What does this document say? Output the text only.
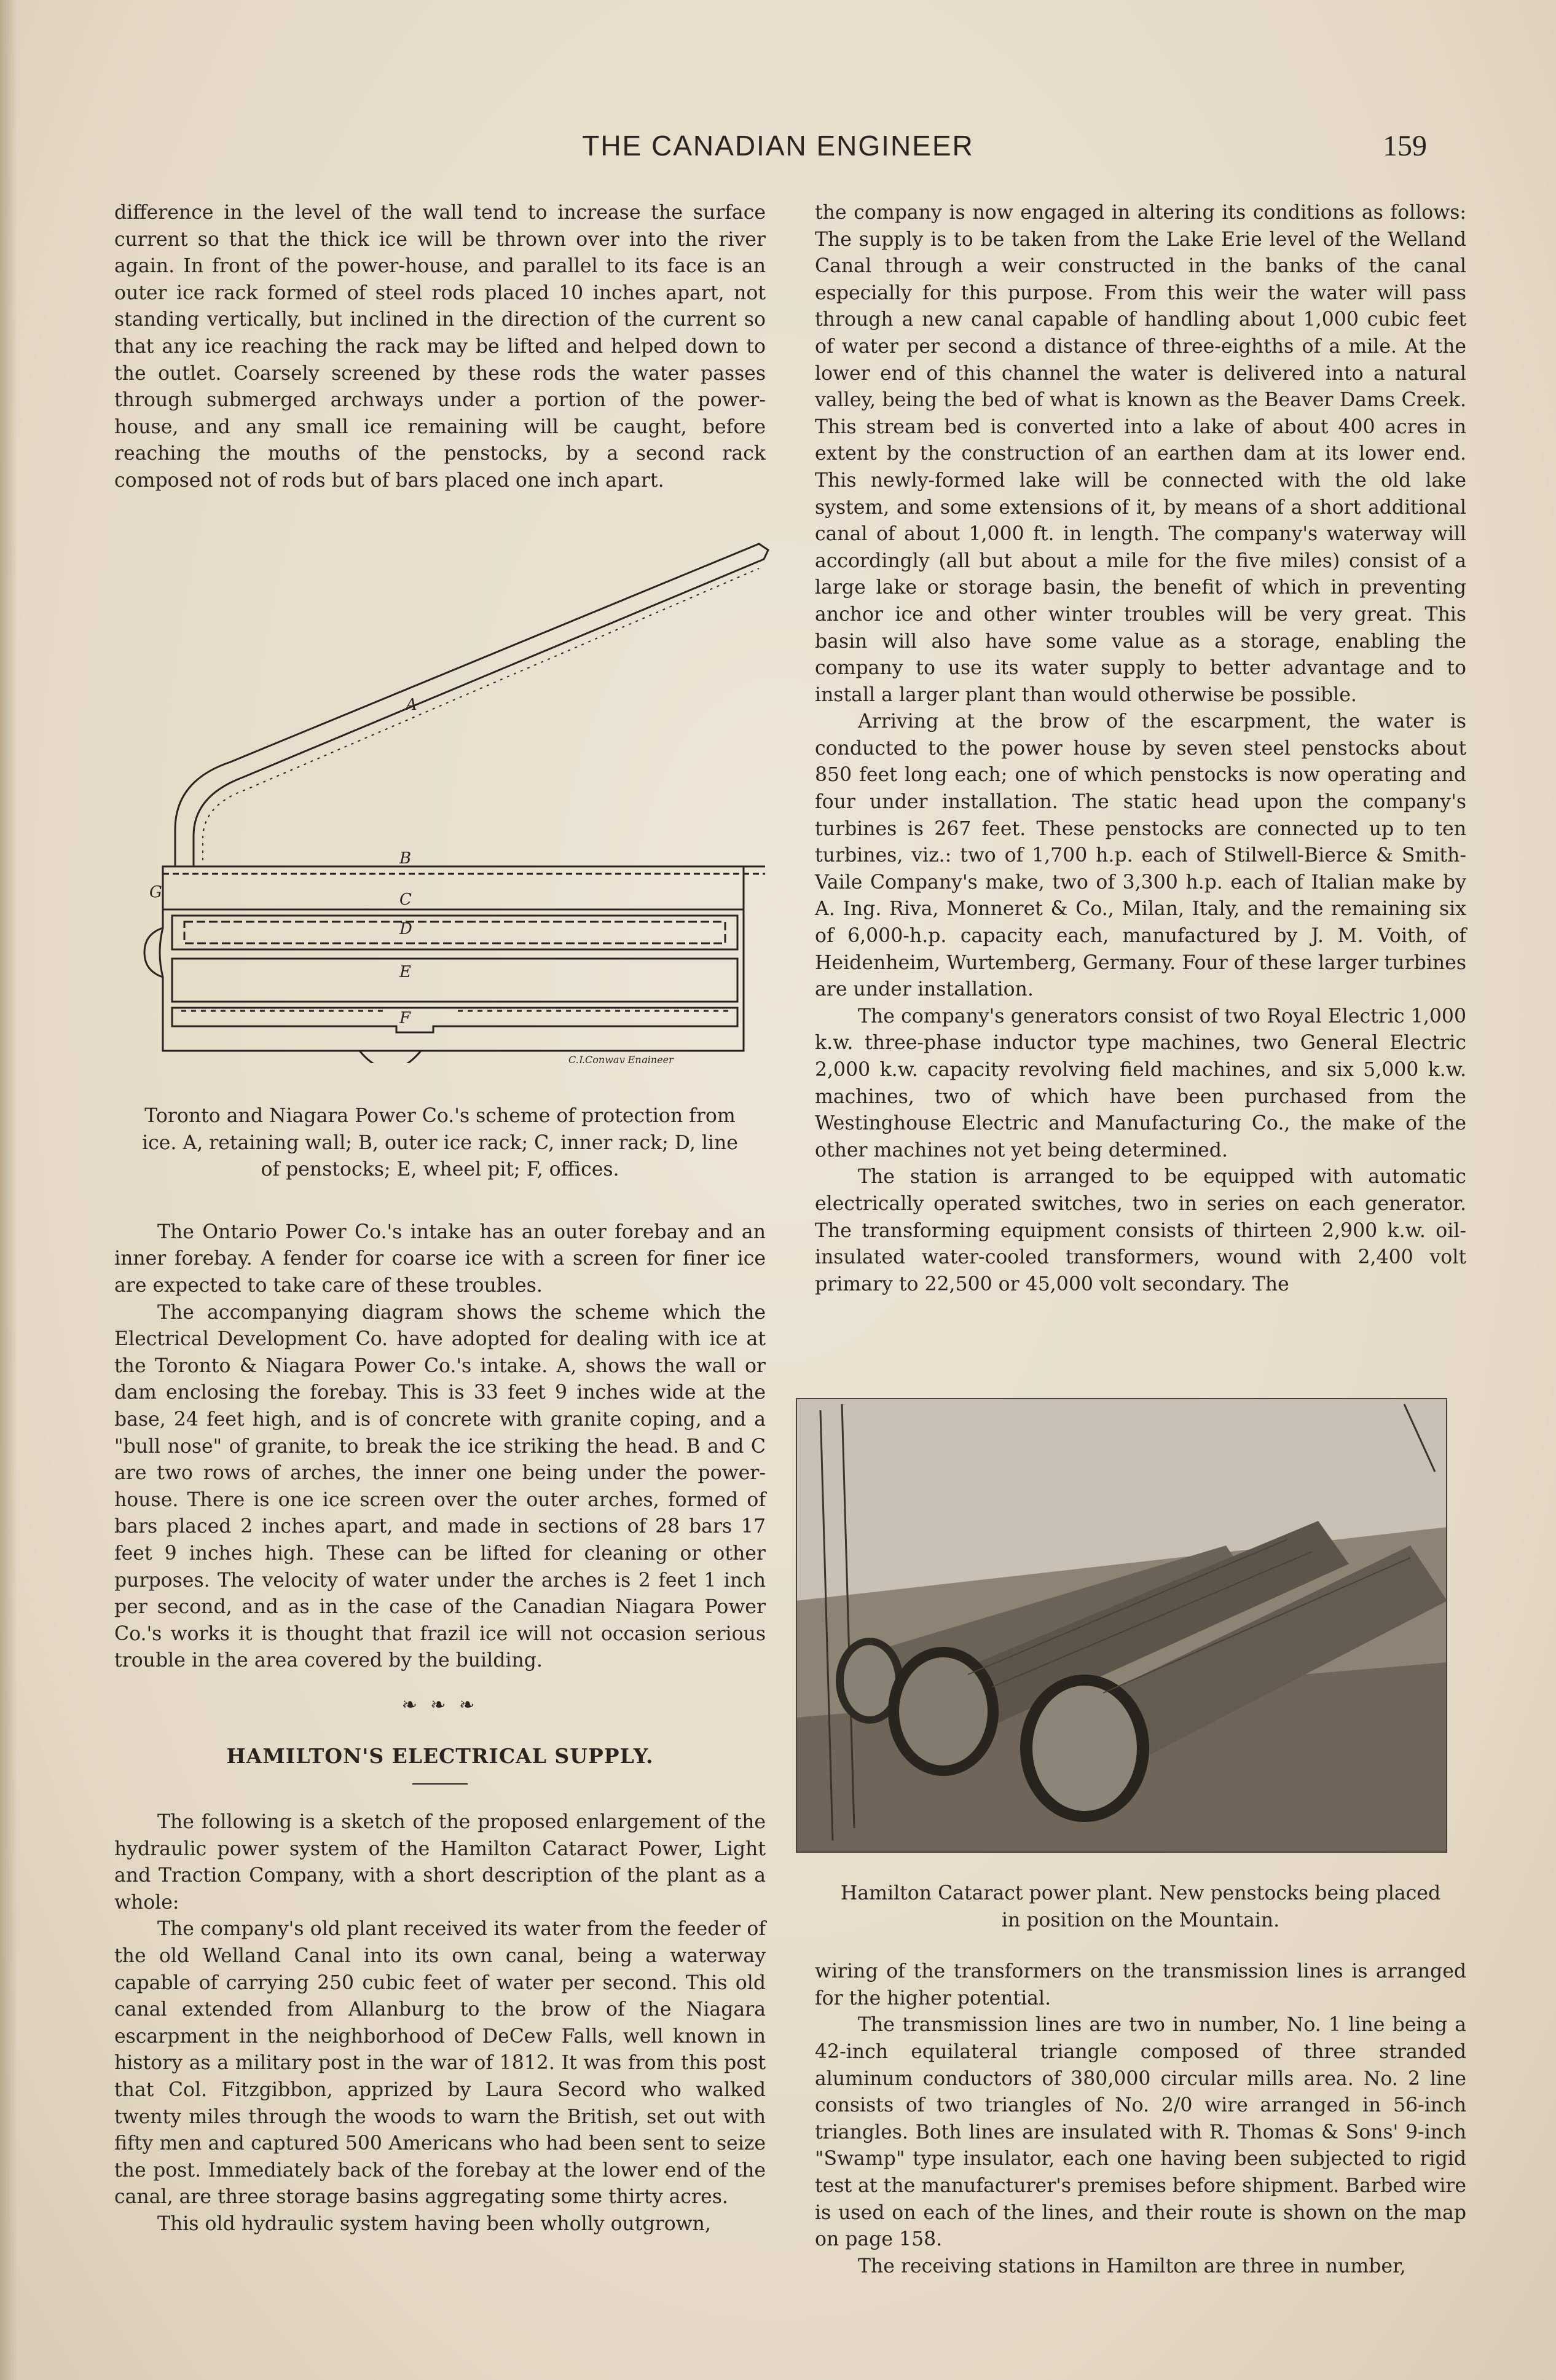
THE CANADIAN ENGINEER	159

difference in the level of the wall tend to increase the surface current so that the thick ice will be thrown over into the river again. In front of the power-house, and parallel to its face is an outer ice rack formed of steel rods placed 10 inches apart, not standing vertically, but inclined in the direction of the current so that any ice reaching the rack may be lifted and helped down to the outlet. Coarsely screened by these rods the water passes through submerged archways under a portion of the power-house, and any small ice remaining will be caught, before reaching the mouths of the penstocks, by a second rack composed not of rods but of bars placed one inch apart.

A
B
C
D
E
F
G
C.J.Conway Engineer

Toronto and Niagara Power Co.'s scheme of protection from ice. A, retaining wall; B, outer ice rack; C, inner rack; D, line of penstocks; E, wheel pit; F, offices.

The Ontario Power Co.'s intake has an outer forebay and an inner forebay. A fender for coarse ice with a screen for finer ice are expected to take care of these troubles.

The accompanying diagram shows the scheme which the Electrical Development Co. have adopted for dealing with ice at the Toronto & Niagara Power Co.'s intake. A, shows the wall or dam enclosing the forebay. This is 33 feet 9 inches wide at the base, 24 feet high, and is of concrete with granite coping, and a "bull nose" of granite, to break the ice striking the head. B and C are two rows of arches, the inner one being under the power-house. There is one ice screen over the outer arches, formed of bars placed 2 inches apart, and made in sections of 28 bars 17 feet 9 inches high. These can be lifted for cleaning or other purposes. The velocity of water under the arches is 2 feet 1 inch per second, and as in the case of the Canadian Niagara Power Co.'s works it is thought that frazil ice will not occasion serious trouble in the area covered by the building.

❧ ❧ ❧

HAMILTON'S ELECTRICAL SUPPLY.

The following is a sketch of the proposed enlargement of the hydraulic power system of the Hamilton Cataract Power, Light and Traction Company, with a short description of the plant as a whole:

The company's old plant received its water from the feeder of the old Welland Canal into its own canal, being a waterway capable of carrying 250 cubic feet of water per second. This old canal extended from Allanburg to the brow of the Niagara escarpment in the neighborhood of DeCew Falls, well known in history as a military post in the war of 1812. It was from this post that Col. Fitzgibbon, apprized by Laura Secord who walked twenty miles through the woods to warn the British, set out with fifty men and captured 500 Americans who had been sent to seize the post. Immediately back of the forebay at the lower end of the canal, are three storage basins aggregating some thirty acres.

This old hydraulic system having been wholly outgrown,

the company is now engaged in altering its conditions as follows: The supply is to be taken from the Lake Erie level of the Welland Canal through a weir constructed in the banks of the canal especially for this purpose. From this weir the water will pass through a new canal capable of handling about 1,000 cubic feet of water per second a distance of three-eighths of a mile. At the lower end of this channel the water is delivered into a natural valley, being the bed of what is known as the Beaver Dams Creek. This stream bed is converted into a lake of about 400 acres in extent by the construction of an earthen dam at its lower end. This newly-formed lake will be connected with the old lake system, and some extensions of it, by means of a short additional canal of about 1,000 ft. in length. The company's waterway will accordingly (all but about a mile for the five miles) consist of a large lake or storage basin, the benefit of which in preventing anchor ice and other winter troubles will be very great. This basin will also have some value as a storage, enabling the company to use its water supply to better advantage and to install a larger plant than would otherwise be possible.

Arriving at the brow of the escarpment, the water is conducted to the power house by seven steel penstocks about 850 feet long each; one of which penstocks is now operating and four under installation. The static head upon the company's turbines is 267 feet. These penstocks are connected up to ten turbines, viz.: two of 1,700 h.p. each of Stilwell-Bierce & Smith-Vaile Company's make, two of 3,300 h.p. each of Italian make by A. Ing. Riva, Monneret & Co., Milan, Italy, and the remaining six of 6,000-h.p. capacity each, manufactured by J. M. Voith, of Heidenheim, Wurtemberg, Germany. Four of these larger turbines are under installation.

The company's generators consist of two Royal Electric 1,000 k.w. three-phase inductor type machines, two General Electric 2,000 k.w. capacity revolving field machines, and six 5,000 k.w. machines, two of which have been purchased from the Westinghouse Electric and Manufacturing Co., the make of the other machines not yet being determined.

The station is arranged to be equipped with automatic electrically operated switches, two in series on each generator. The transforming equipment consists of thirteen 2,900 k.w. oil-insulated water-cooled transformers, wound with 2,400 volt primary to 22,500 or 45,000 volt secondary. The

Hamilton Cataract power plant. New penstocks being placed in position on the Mountain.

wiring of the transformers on the transmission lines is arranged for the higher potential.

The transmission lines are two in number, No. 1 line being a 42-inch equilateral triangle composed of three stranded aluminum conductors of 380,000 circular mills area. No. 2 line consists of two triangles of No. 2/0 wire arranged in 56-inch triangles. Both lines are insulated with R. Thomas & Sons' 9-inch "Swamp" type insulator, each one having been subjected to rigid test at the manufacturer's premises before shipment. Barbed wire is used on each of the lines, and their route is shown on the map on page 158.

The receiving stations in Hamilton are three in number,
